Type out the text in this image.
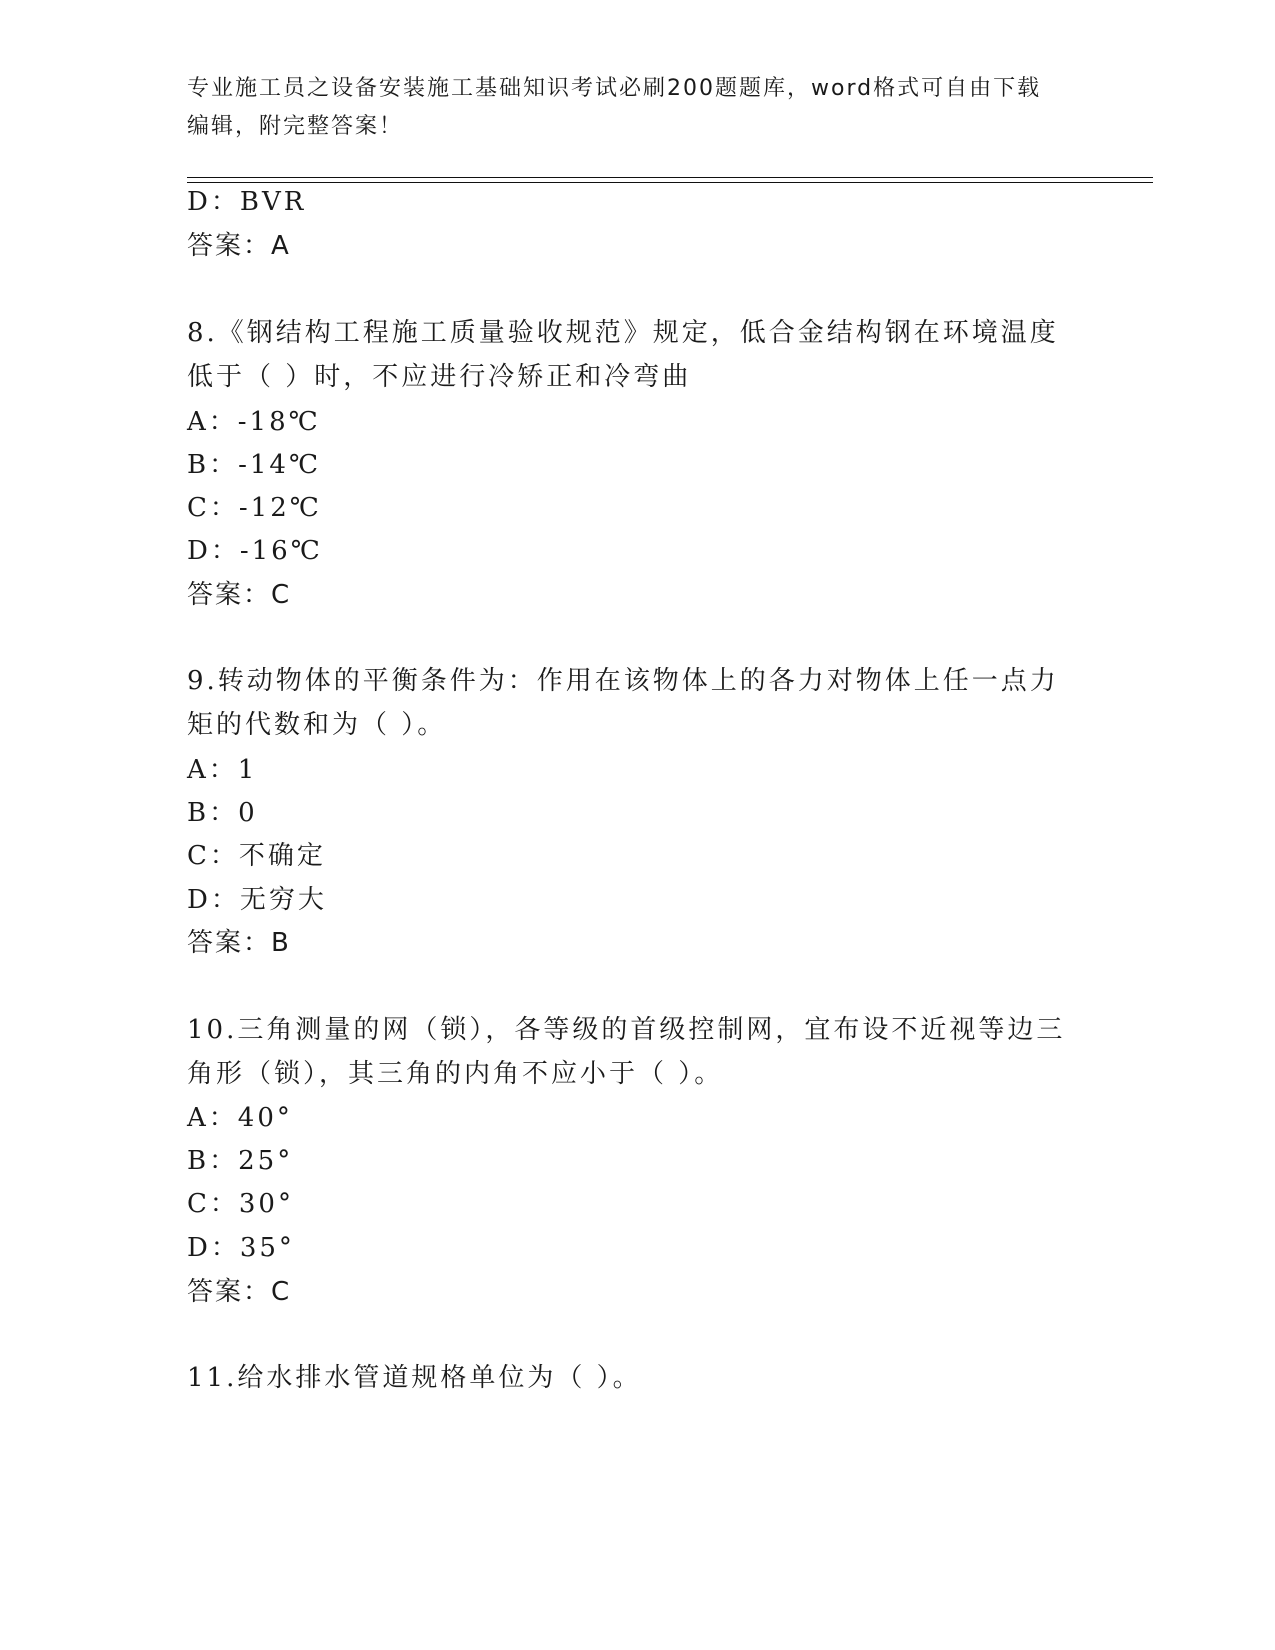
专业施工员之设备安装施工基础知识考试必刷200题题库，word格式可自由下载
编辑，附完整答案！
D：BVR
答案：A
8.《钢结构工程施工质量验收规范》规定，低合金结构钢在环境温度
低于（ ）时，不应进行冷矫正和冷弯曲
A：-18℃
B：-14℃
C：-12℃
D：-16℃
答案：C
9.转动物体的平衡条件为：作用在该物体上的各力对物体上任一点力
矩的代数和为（ ）。
A：1
B：0
C：不确定
D：无穷大
答案：B
10.三角测量的网（锁），各等级的首级控制网，宜布设不近视等边三
角形（锁），其三角的内角不应小于（ ）。
A：40°
B：25°
C：30°
D：35°
答案：C
11.给水排水管道规格单位为（ ）。
